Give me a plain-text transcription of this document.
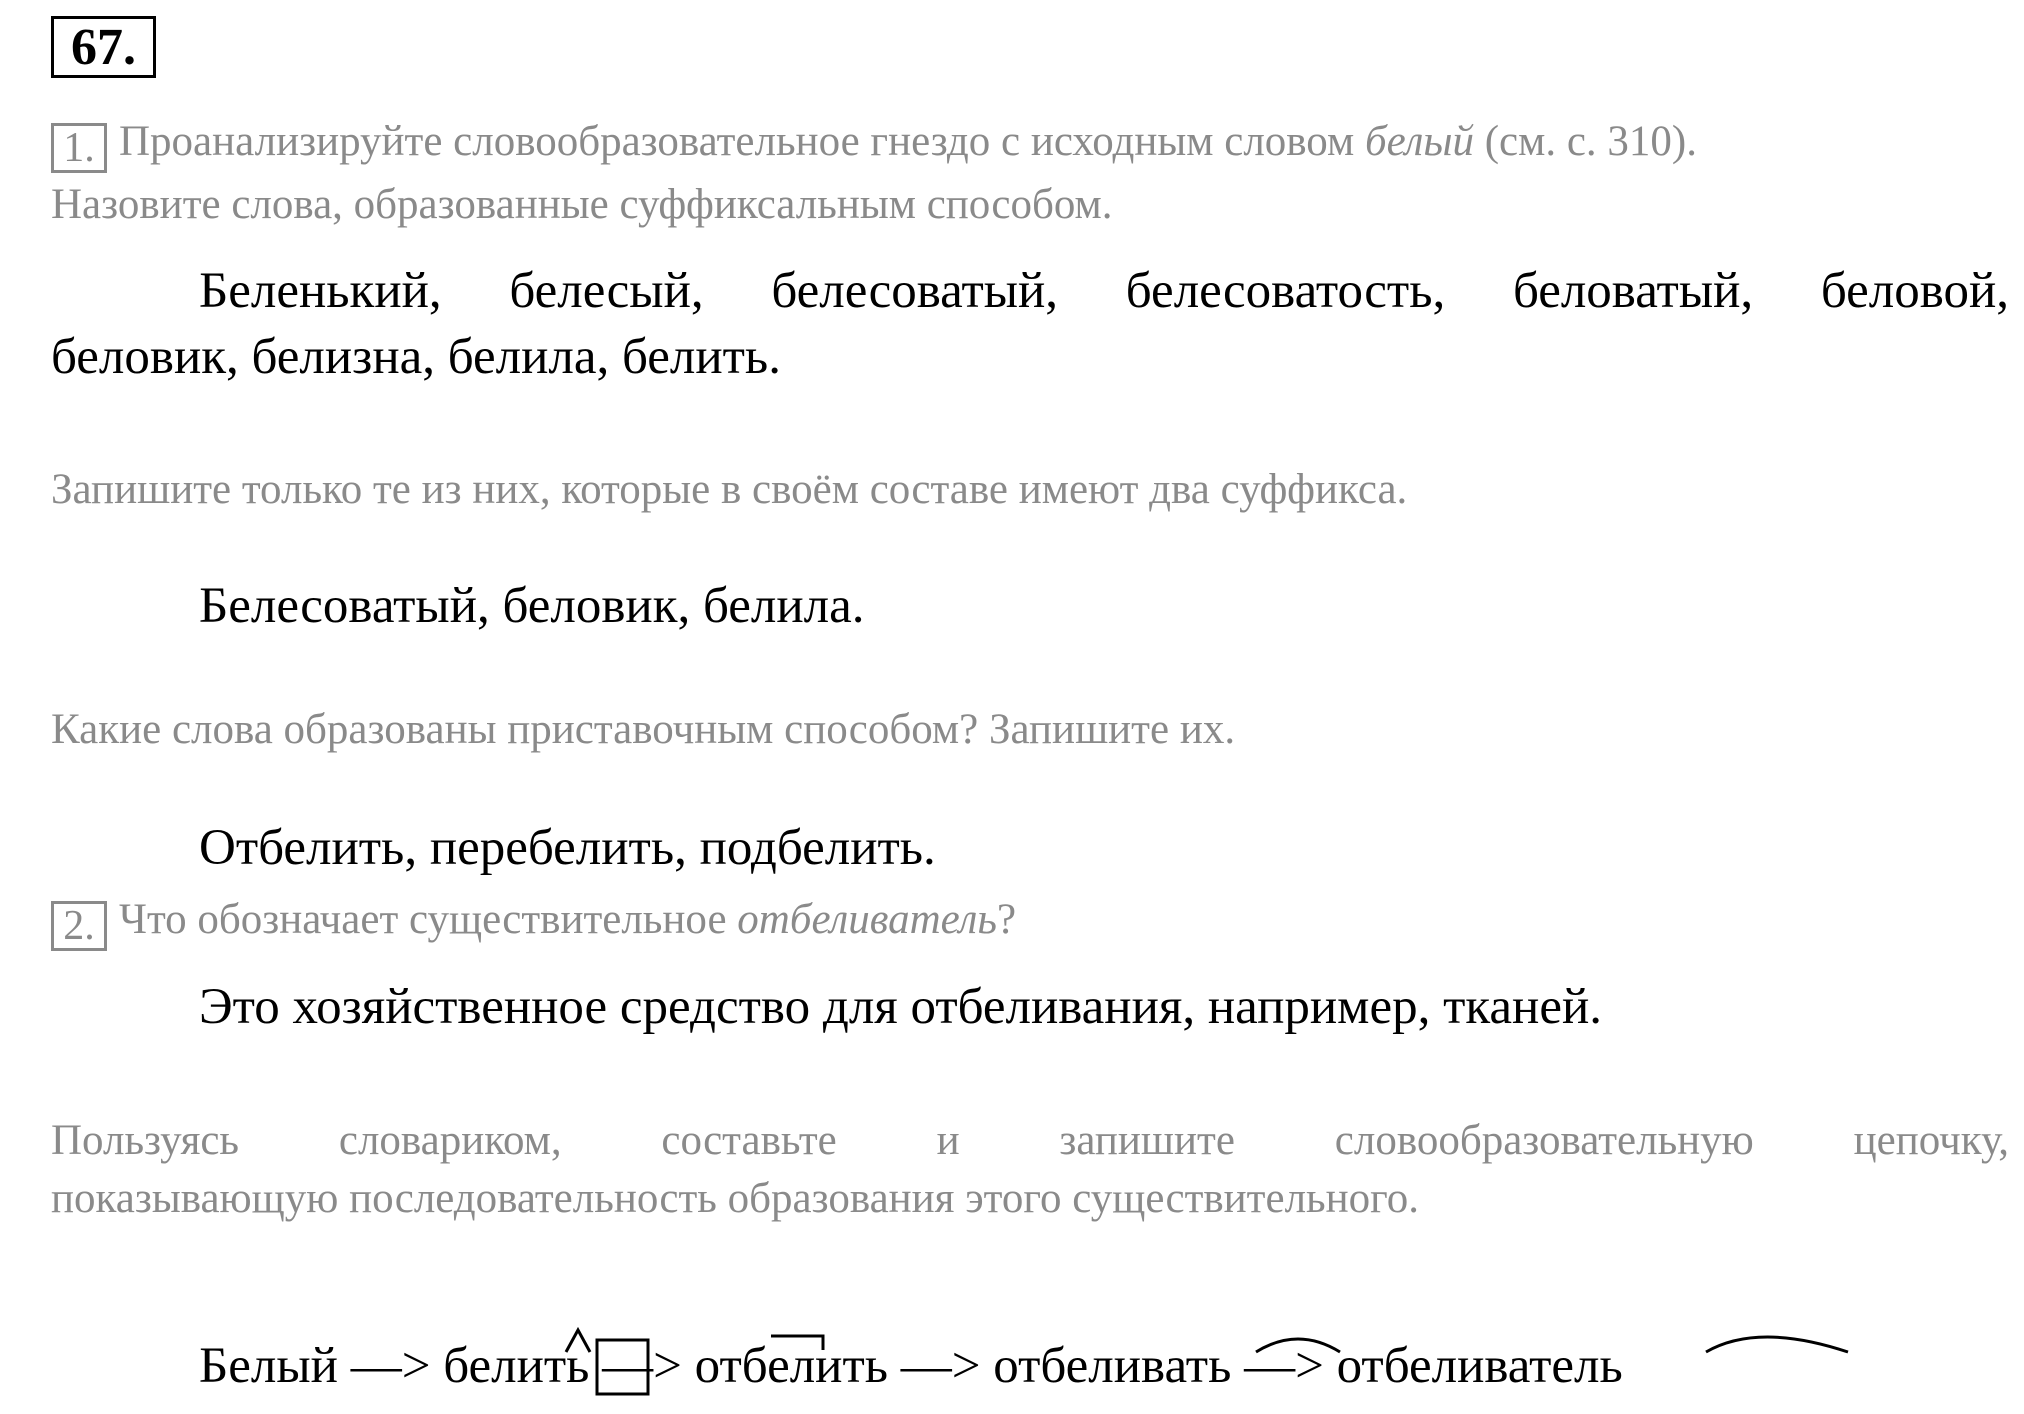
67.
1. Проанализируйте словообразовательное гнездо с исходным словом белый (см. с. 310).
Назовите слова, образованные суффиксальным способом.
Беленький, белесый, белесоватый, белесоватость, беловатый, беловой,
беловик, белизна, белила, белить.
Запишите только те из них, которые в своём составе имеют два суффикса.
Белесоватый, беловик, белила.
Какие слова образованы приставочным способом? Запишите их.
Отбелить, перебелить, подбелить.
2. Что обозначает существительное отбеливатель?
Это хозяйственное средство для отбеливания, например, тканей.
Пользуясь словариком, составьте и запишите словообразовательную цепочку,
показывающую последовательность образования этого существительного.
Белый —> белить —> отбелить —> отбеливать —> отбеливатель
